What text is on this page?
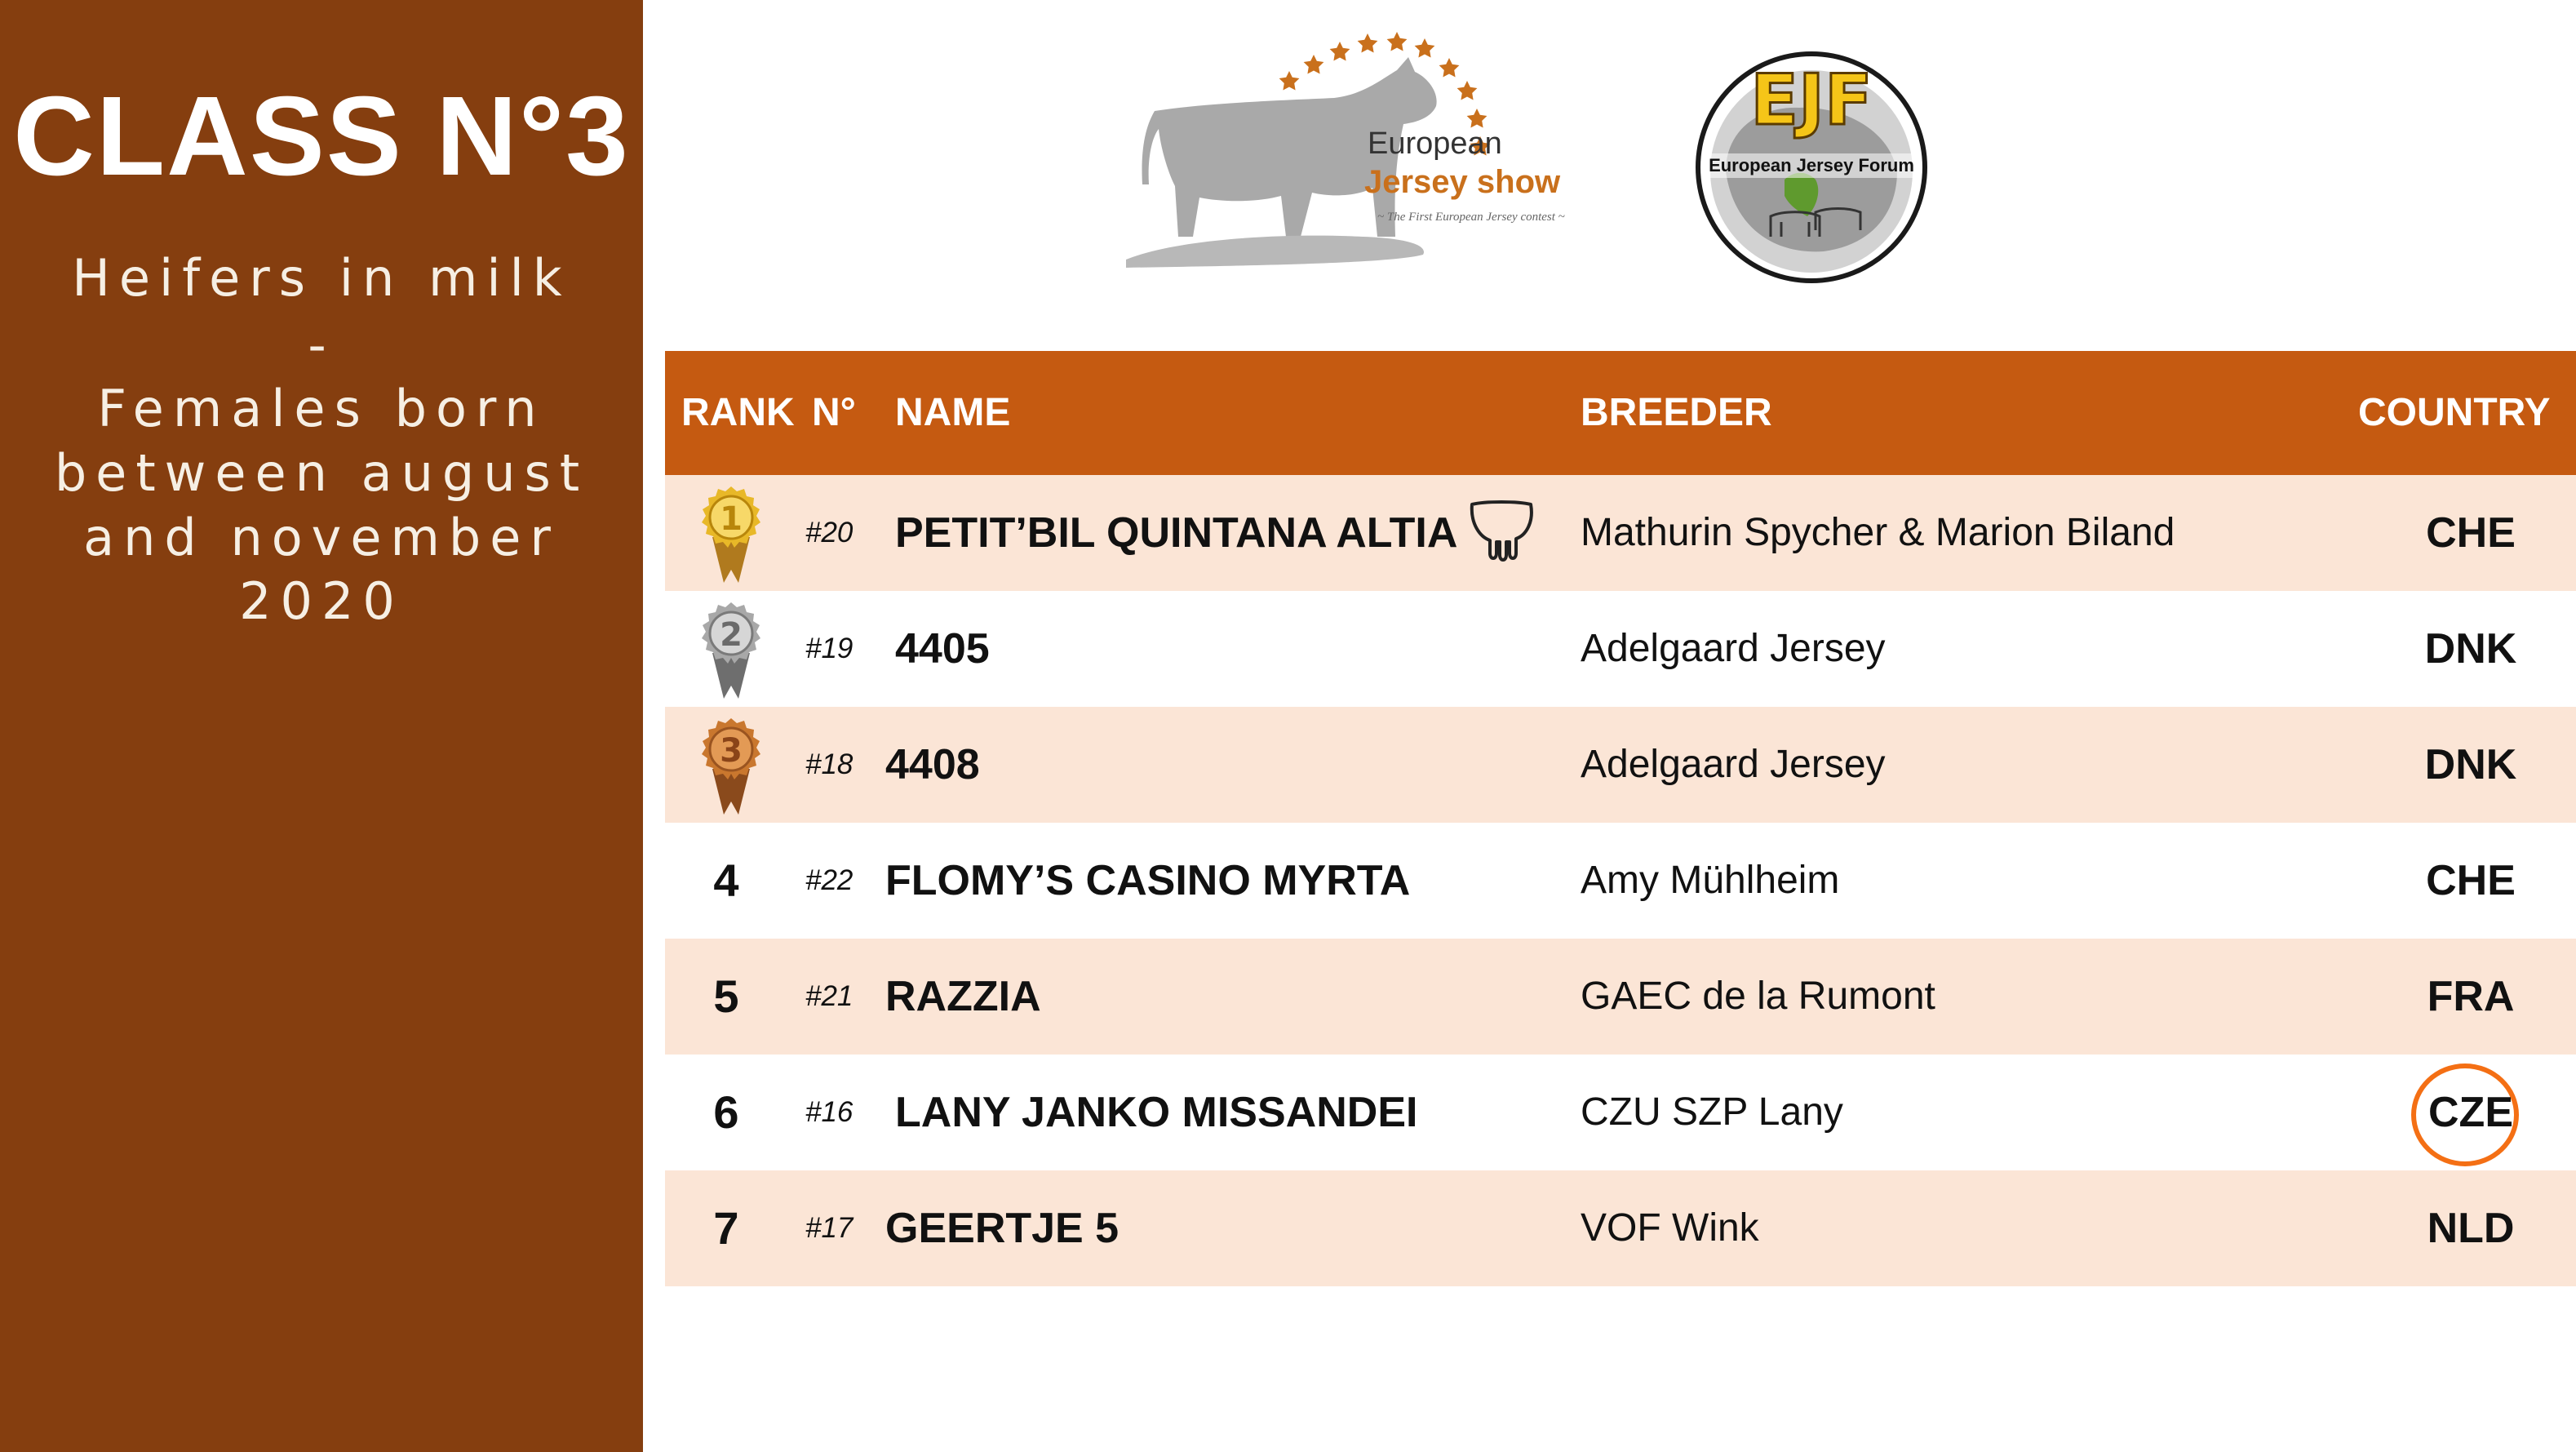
CLASS N°3
Heifers in milk
-
Females born
between august
and november
2020
European
Jersey show
~ The First European Jersey contest ~
EJF
European Jersey Forum
RANK N° NAME	BREEDER	COUNTRY
1 #20 PETIT’BIL QUINTANA ALTIA	Mathurin Spycher & Marion Biland	CHE
2 #19 4405	Adelgaard Jersey	DNK
3 #18 4408	Adelgaard Jersey	DNK
4	#22 FLOMY’S CASINO MYRTA	Amy Mühlheim	CHE
5	#21 RAZZIA	GAEC de la Rumont	FRA
6	#16 LANY JANKO MISSANDEI	CZU SZP Lany	CZE
7	#17 GEERTJE 5	VOF Wink	NLD
